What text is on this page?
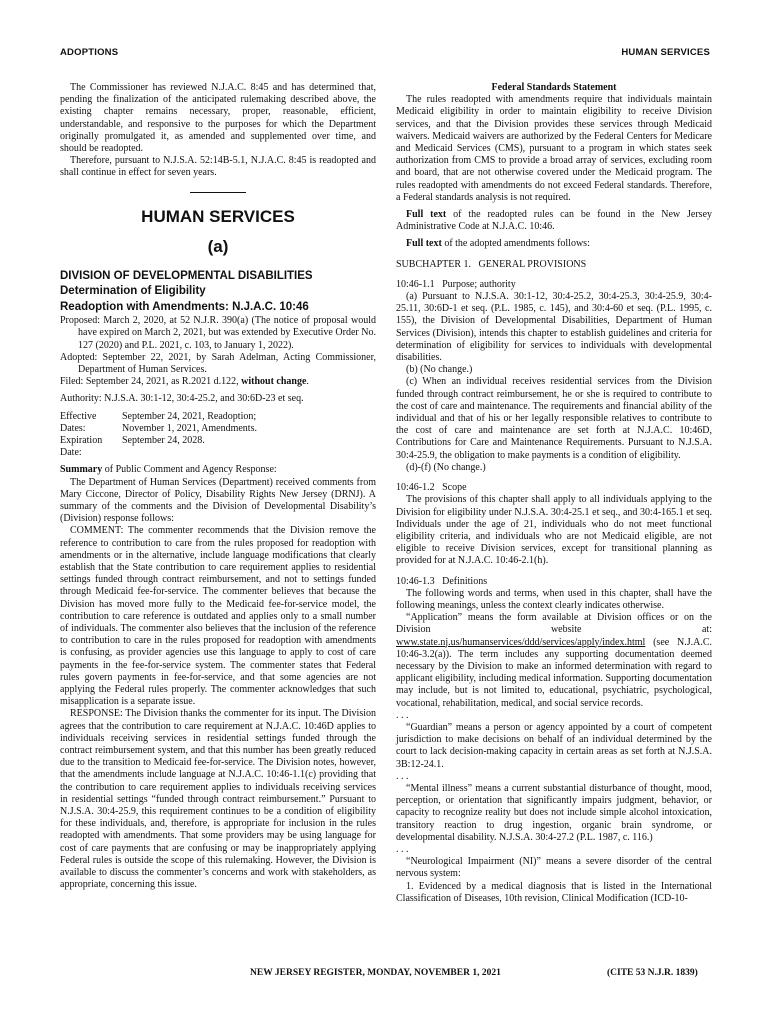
ADOPTIONS	HUMAN SERVICES

The Commissioner has reviewed N.J.A.C. 8:45 and has determined that, pending the finalization of the anticipated rulemaking described above, the existing chapter remains necessary, proper, reasonable, efficient, understandable, and responsive to the purposes for which the Department originally promulgated it, as amended and supplemented over time, and should be readopted.

Therefore, pursuant to N.J.S.A. 52:14B-5.1, N.J.A.C. 8:45 is readopted and shall continue in effect for seven years.

HUMAN SERVICES
(a)
DIVISION OF DEVELOPMENTAL DISABILITIES
Determination of Eligibility
Readoption with Amendments: N.J.A.C. 10:46

Proposed: March 2, 2020, at 52 N.J.R. 390(a) (The notice of proposal would have expired on March 2, 2021, but was extended by Executive Order No. 127 (2020) and P.L. 2021, c. 103, to January 1, 2022).

Adopted: September 22, 2021, by Sarah Adelman, Acting Commissioner, Department of Human Services.

Filed: September 24, 2021, as R.2021 d.122, without change.

Authority: N.J.S.A. 30:1-12, 30:4-25.2, and 30:6D-23 et seq.

Effective Dates:
September 24, 2021, Readoption;
November 1, 2021, Amendments.
Expiration Date:
September 24, 2028.

Summary of Public Comment and Agency Response:

The Department of Human Services (Department) received comments from Mary Ciccone, Director of Policy, Disability Rights New Jersey (DRNJ). A summary of the comments and the Division of Developmental Disability’s (Division) response follows:

COMMENT: The commenter recommends that the Division remove the reference to contribution to care from the rules proposed for readoption with amendments or in the alternative, include language modifications that clearly establish that the State contribution to care requirement applies to residential settings funded through contract reimbursement, and not to settings funded through Medicaid fee-for-service. The commenter believes that because the Division has moved more fully to the Medicaid fee-for-service model, the contribution to care reference is outdated and applies only to a small number of individuals. The commenter also believes that the inclusion of the reference to contribution to care in the rules proposed for readoption with amendments is confusing, as provider agencies use this language to apply to cost of care payments in the fee-for-service system. The commenter states that Federal rules govern payments in fee-for-service, and that some agencies are not applying the Federal rules properly. The commenter acknowledges that such misapplication is a separate issue.

RESPONSE: The Division thanks the commenter for its input. The Division agrees that the contribution to care requirement at N.J.A.C. 10:46D applies to individuals receiving services in residential settings funded through the contract reimbursement system, and that this number has been greatly reduced due to the transition to Medicaid fee-for-service. The Division notes, however, that the amendments include language at N.J.A.C. 10:46-1.1(c) providing that the contribution to care requirement applies to individuals receiving services in residential settings “funded through contract reimbursement.” Pursuant to N.J.S.A. 30:4-25.9, this requirement continues to be a condition of eligibility for these individuals, and, therefore, is appropriate for inclusion in the rules readopted with amendments. That some providers may be using language for cost of care payments that are confusing or may be inappropriately applying Federal rules is outside the scope of this rulemaking. However, the Division is available to discuss the commenter’s concerns and work with stakeholders, as appropriate, concerning this issue.

Federal Standards Statement

The rules readopted with amendments require that individuals maintain Medicaid eligibility in order to maintain eligibility to receive Division services, and that the Division provides these services through Medicaid waivers. Medicaid waivers are authorized by the Federal Centers for Medicare and Medicaid Services (CMS), pursuant to a program in which states seek authorization from CMS to provide a broad array of services, excluding room and board, that are not otherwise covered under the Medicaid program. The rules readopted with amendments do not exceed Federal standards. Therefore, a Federal standards analysis is not required.

Full text of the readopted rules can be found in the New Jersey Administrative Code at N.J.A.C. 10:46.

Full text of the adopted amendments follows:

SUBCHAPTER 1.   GENERAL PROVISIONS

10:46-1.1   Purpose; authority

(a) Pursuant to N.J.S.A. 30:1-12, 30:4-25.2, 30:4-25.3, 30:4-25.9, 30:4-25.11, 30:6D-1 et seq. (P.L. 1985, c. 145), and 30:4-60 et seq. (P.L. 1995, c. 155), the Division of Developmental Disabilities, Department of Human Services (Division), intends this chapter to establish guidelines and criteria for determination of eligibility for services to individuals with developmental disabilities.

(b) (No change.)

(c) When an individual receives residential services from the Division funded through contract reimbursement, he or she is required to contribute to the cost of care and maintenance. The requirements and financial ability of the individual and that of his or her legally responsible relatives to contribute to the cost of care and maintenance are set forth at N.J.A.C. 10:46D, Contributions for Care and Maintenance Requirements. Pursuant to N.J.S.A. 30:4-25.9, the obligation to make payments is a condition of eligibility.

(d)-(f) (No change.)

10:46-1.2   Scope

The provisions of this chapter shall apply to all individuals applying to the Division for eligibility under N.J.S.A. 30:4-25.1 et seq., and 30:4-165.1 et seq. Individuals under the age of 21, individuals who do not meet functional eligibility criteria, and individuals who are not Medicaid eligible, are not eligible to receive Division services, except for transitional planning as provided for at N.J.A.C. 10:46-2.1(h).

10:46-1.3   Definitions

The following words and terms, when used in this chapter, shall have the following meanings, unless the context clearly indicates otherwise.

“Application” means the form available at Division offices or on the Division website at: www.state.nj.us/humanservices/ddd/services/apply/index.html (see N.J.A.C. 10:46-3.2(a)). The term includes any supporting documentation deemed necessary by the Division to make an informed determination with regard to applicant eligibility, including medical information. Supporting documentation may include, but is not limited to, educational, psychiatric, psychological, vocational, rehabilitation, medical, and social service records.

. . .

“Guardian” means a person or agency appointed by a court of competent jurisdiction to make decisions on behalf of an individual determined by the court to lack decision-making capacity in certain areas as set forth at N.J.S.A. 3B:12-24.1.

. . .

“Mental illness” means a current substantial disturbance of thought, mood, perception, or orientation that significantly impairs judgment, behavior, or capacity to recognize reality but does not include simple alcohol intoxication, transitory reaction to drug ingestion, organic brain syndrome, or developmental disability. N.J.S.A. 30:4-27.2 (P.L. 1987, c. 116.)

. . .

“Neurological Impairment (NI)” means a severe disorder of the central nervous system:

1. Evidenced by a medical diagnosis that is listed in the International Classification of Diseases, 10th revision, Clinical Modification (ICD-10-

NEW JERSEY REGISTER, MONDAY, NOVEMBER 1, 2021	(CITE 53 N.J.R. 1839)
